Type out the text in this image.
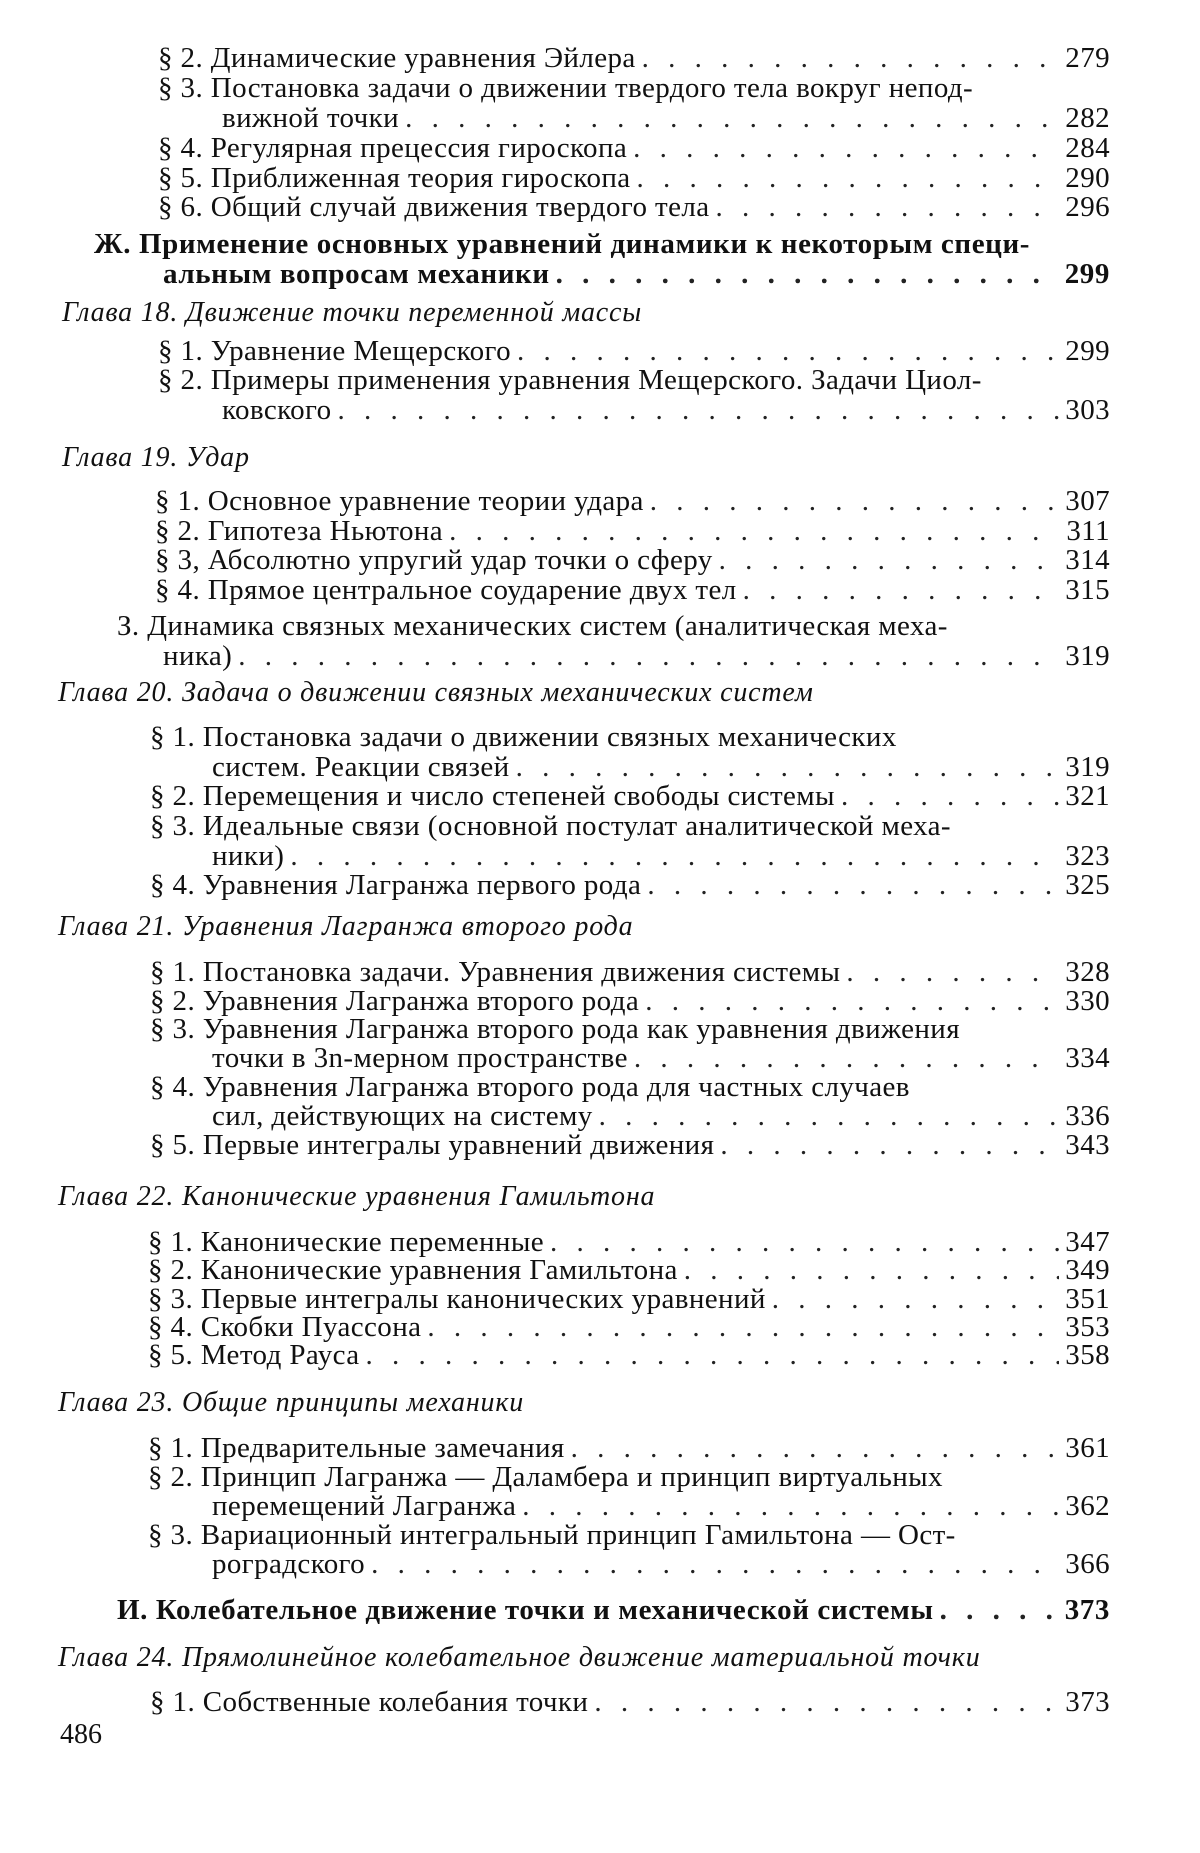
§ 2. Динамические уравнения Эйлера . . .	279
§ 3. Постановка задачи о движении твердого тела вокруг непод-
вижной точки . . .	282
§ 4. Регулярная прецессия гироскопа . . .	284
§ 5. Приближенная теория гироскопа . . .	290
§ 6. Общий случай движения твердого тела . . .	296
Ж. Применение основных уравнений динамики к некоторым специ-
альным вопросам механики . . .	299
Глава 18. Движение точки переменной массы
§ 1. Уравнение Мещерского . . .	299
§ 2. Примеры применения уравнения Мещерского. Задачи Циол-
ковского . . .	303
Глава 19. Удар
§ 1. Основное уравнение теории удара . . .	307
§ 2. Гипотеза Ньютона . . .	311
§ 3, Абсолютно упругий удар точки о сферу . . .	314
§ 4. Прямое центральное соударение двух тел . . .	315
З. Динамика связных механических систем (аналитическая меха-
ника) . . .	319
Глава 20. Задача о движении связных механических систем
§ 1. Постановка задачи о движении связных механических
систем. Реакции связей . . .	319
§ 2. Перемещения и число степеней свободы системы . . .	321
§ 3. Идеальные связи (основной постулат аналитической меха-
ники) . . .	323
§ 4. Уравнения Лагранжа первого рода . . .	325
Глава 21. Уравнения Лагранжа второго рода
§ 1. Постановка задачи. Уравнения движения системы . . .	328
§ 2. Уравнения Лагранжа второго рода . . .	330
§ 3. Уравнения Лагранжа второго рода как уравнения движения
точки в 3n-мерном пространстве . . .	334
§ 4. Уравнения Лагранжа второго рода для частных случаев
сил, действующих на систему . . .	336
§ 5. Первые интегралы уравнений движения . . .	343
Глава 22. Канонические уравнения Гамильтона
§ 1. Канонические переменные . . .	347
§ 2. Канонические уравнения Гамильтона . . .	349
§ 3. Первые интегралы канонических уравнений . . .	351
§ 4. Скобки Пуассона . . .	353
§ 5. Метод Рауса . . .	358
Глава 23. Общие принципы механики
§ 1. Предварительные замечания . . .	361
§ 2. Принцип Лагранжа — Даламбера и принцип виртуальных
перемещений Лагранжа . . .	362
§ 3. Вариационный интегральный принцип Гамильтона — Ост-
роградского . . .	366
И. Колебательное движение точки и механической системы . . .	373
Глава 24. Прямолинейное колебательное движение материальной точки
§ 1. Собственные колебания точки . . .	373
486
